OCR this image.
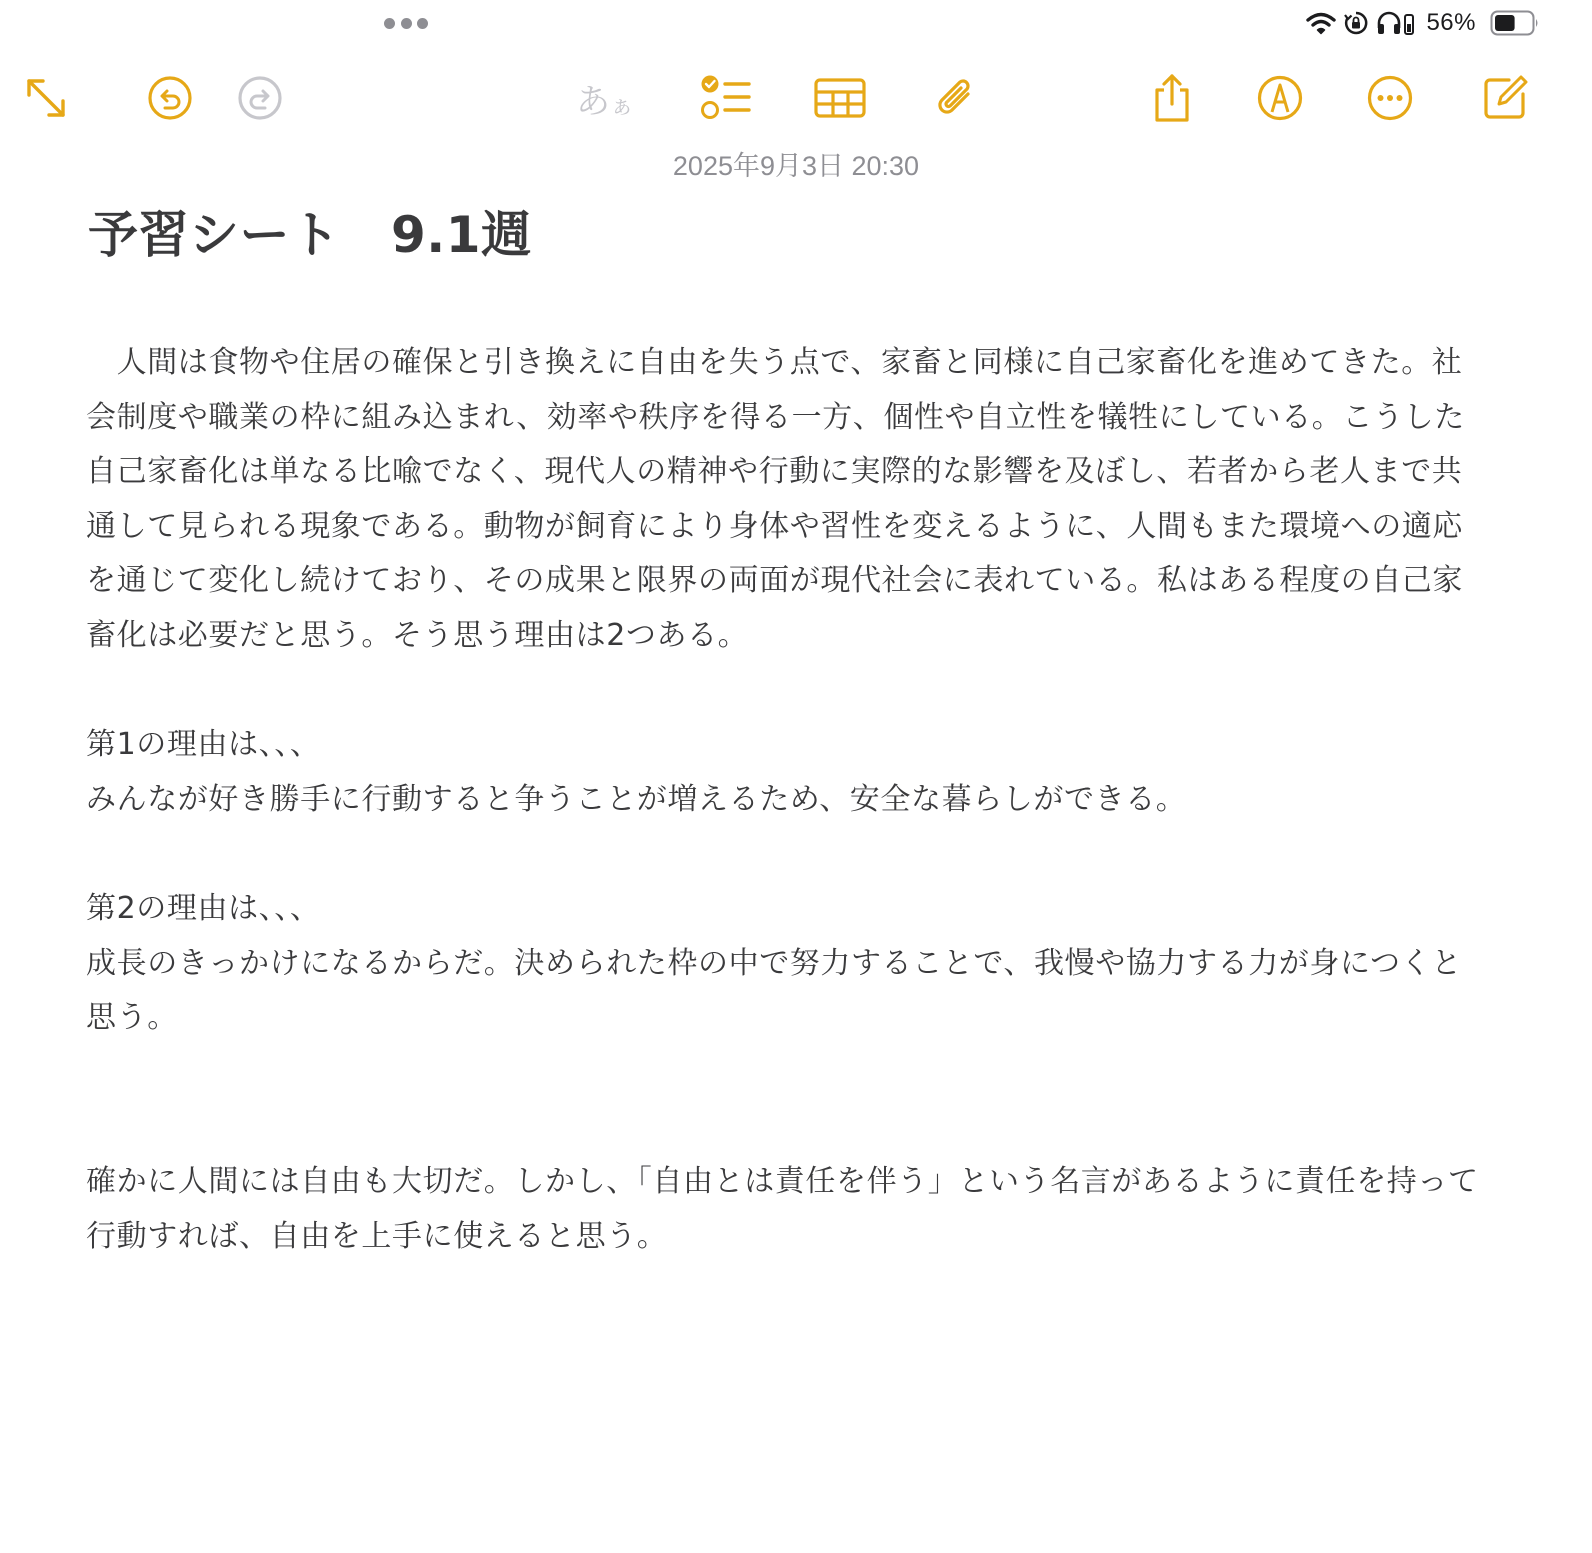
56%
あぁ
2025年9月3日 20:30
予習シート　9.1週

　人間は食物や住居の確保と引き換えに自由を失う点で、家畜と同様に自己家畜化を進めてきた。社会制度や職業の枠に組み込まれ、効率や秩序を得る一方、個性や自立性を犠牲にしている。こうした自己家畜化は単なる比喩でなく、現代人の精神や行動に実際的な影響を及ぼし、若者から老人まで共通して見られる現象である。動物が飼育により身体や習性を変えるように、人間もまた環境への適応を通じて変化し続けており、その成果と限界の両面が現代社会に表れている。私はある程度の自己家畜化は必要だと思う。そう思う理由は2つある。

第1の理由は、、、

みんなが好き勝手に行動すると争うことが増えるため、安全な暮らしができる。

第2の理由は、、、

成長のきっかけになるからだ。決められた枠の中で努力することで、我慢や協力する力が身につくと思う。

確かに人間には自由も大切だ。しかし、「自由とは責任を伴う」という名言があるように責任を持って行動すれば、自由を上手に使えると思う。
